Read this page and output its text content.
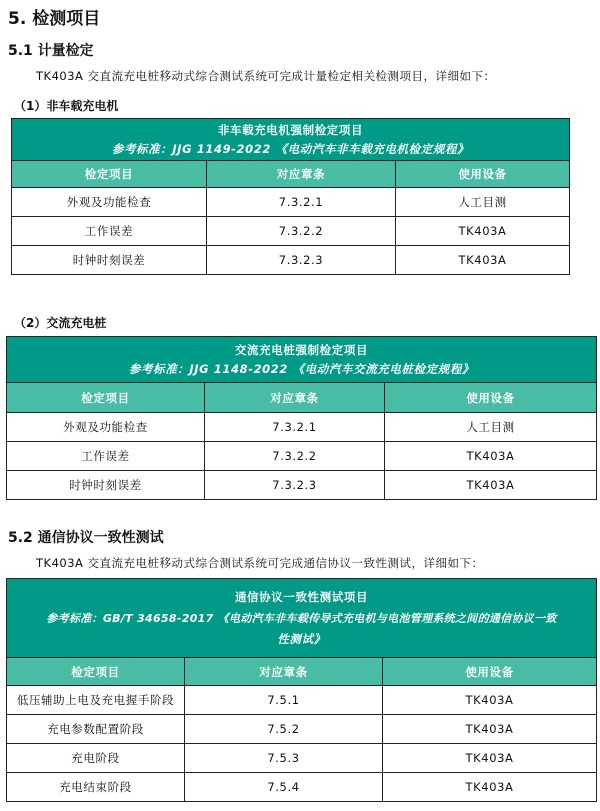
5. 检测项目
5.1 计量检定
TK403A 交直流充电桩移动式综合测试系统可完成计量检定相关检测项目，详细如下：
（1）非车载充电机
非车载充电机强制检定项目
参考标准：JJG 1149-2022 《电动汽车非车载充电机检定规程》		

检定项目	对应章条	使用设备
外观及功能检查	7.3.2.1	人工目测
工作误差	7.3.2.2	TK403A
时钟时刻误差	7.3.2.3	TK403A
（2）交流充电桩
交流充电桩强制检定项目
参考标准：JJG 1148-2022 《电动汽车交流充电桩检定规程》		

检定项目	对应章条	使用设备
外观及功能检查	7.3.2.1	人工目测
工作误差	7.3.2.2	TK403A
时钟时刻误差	7.3.2.3	TK403A
5.2 通信协议一致性测试
TK403A 交直流充电桩移动式综合测试系统可完成通信协议一致性测试，详细如下：
通信协议一致性测试项目
参考标准：GB/T 34658-2017 《电动汽车非车载传导式充电机与电池管理系统之间的通信协议一致
性测试》		

检定项目	对应章条	使用设备
低压辅助上电及充电握手阶段	7.5.1	TK403A
充电参数配置阶段	7.5.2	TK403A
充电阶段	7.5.3	TK403A
充电结束阶段	7.5.4	TK403A
